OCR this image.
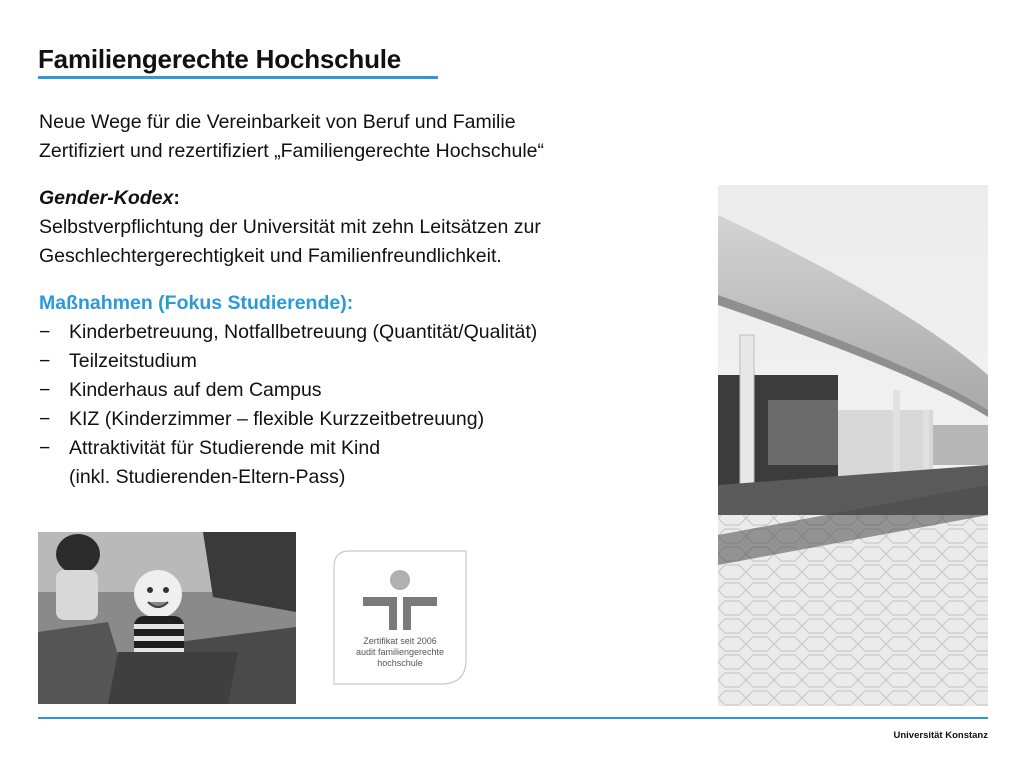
Familiengerechte Hochschule
Neue Wege für die Vereinbarkeit von Beruf und Familie
Zertifiziert und rezertifiziert „Familiengerechte Hochschule“
Gender-Kodex:
Selbstverpflichtung der Universität mit zehn Leitsätzen zur
Geschlechtergerechtigkeit und Familienfreundlichkeit.
Maßnahmen (Fokus Studierende):
− Kinderbetreuung, Notfallbetreuung (Quantität/Qualität)
− Teilzeitstudium
− Kinderhaus auf dem Campus
− KIZ (Kinderzimmer – flexible Kurzzeitbetreuung)
− Attraktivität für Studierende mit Kind
(inkl. Studierenden-Eltern-Pass)
Zertifikat seit 2006
audit familiengerechte
hochschule
Universität Konstanz
